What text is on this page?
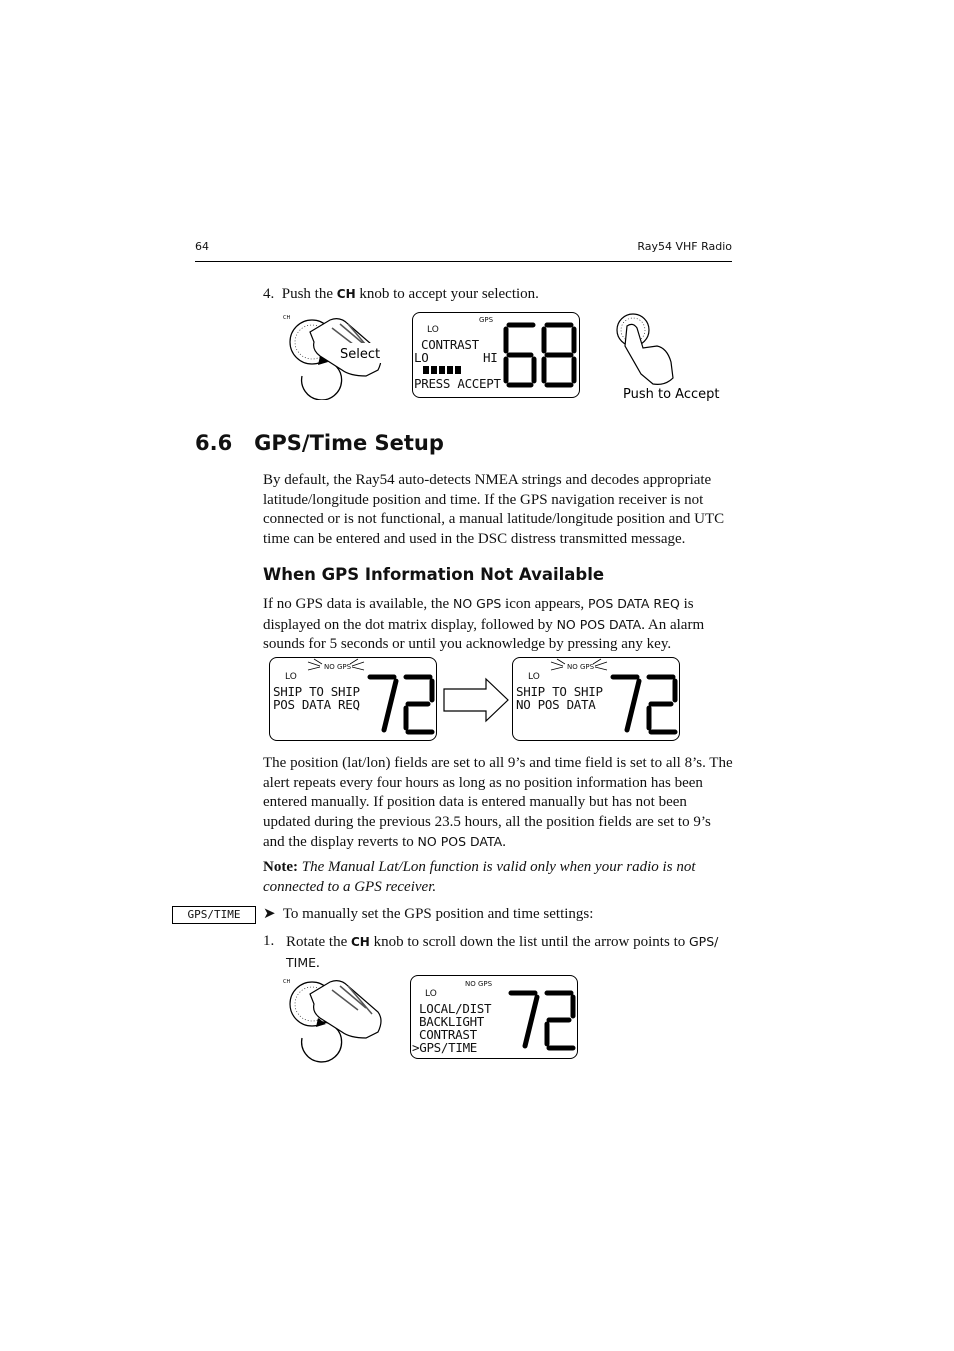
64	Ray54 VHF Radio
4. Push the CH knob to accept your selection.
CH
Select
GPS
LO
CONTRAST
LO	HI
PRESS ACCEPT
68
Push to Accept
6.6 GPS/Time Setup

By default, the Ray54 auto-detects NMEA strings and decodes appropriate latitude/longitude position and time. If the GPS navigation receiver is not connected or is not functional, a manual latitude/longitude position and UTC time can be entered and used in the DSC distress transmitted message.

When GPS Information Not Available

If no GPS data is available, the NO GPS icon appears, POS DATA REQ is displayed on the dot matrix display, followed by NO POS DATA. An alarm sounds for 5 seconds or until you acknowledge by pressing any key.

NO GPS
LO
SHIP TO SHIP
POS DATA REQ
72
NO GPS
LO
SHIP TO SHIP
NO POS DATA
72

The position (lat/lon) fields are set to all 9’s and time field is set to all 8’s. The alert repeats every four hours as long as no position information has been entered manually. If position data is entered manually but has not been updated during the previous 23.5 hours, all the position fields are set to 9’s and the display reverts to NO POS DATA.

Note: The Manual Lat/Lon function is valid only when your radio is not connected to a GPS receiver.

GPS/TIME	➤ To manually set the GPS position and time settings:
1. Rotate the CH knob to scroll down the list until the arrow points to GPS/ TIME.
CH	NO GPS
LO
LOCAL/DIST
BACKLIGHT
CONTRAST
>GPS/TIME
72
